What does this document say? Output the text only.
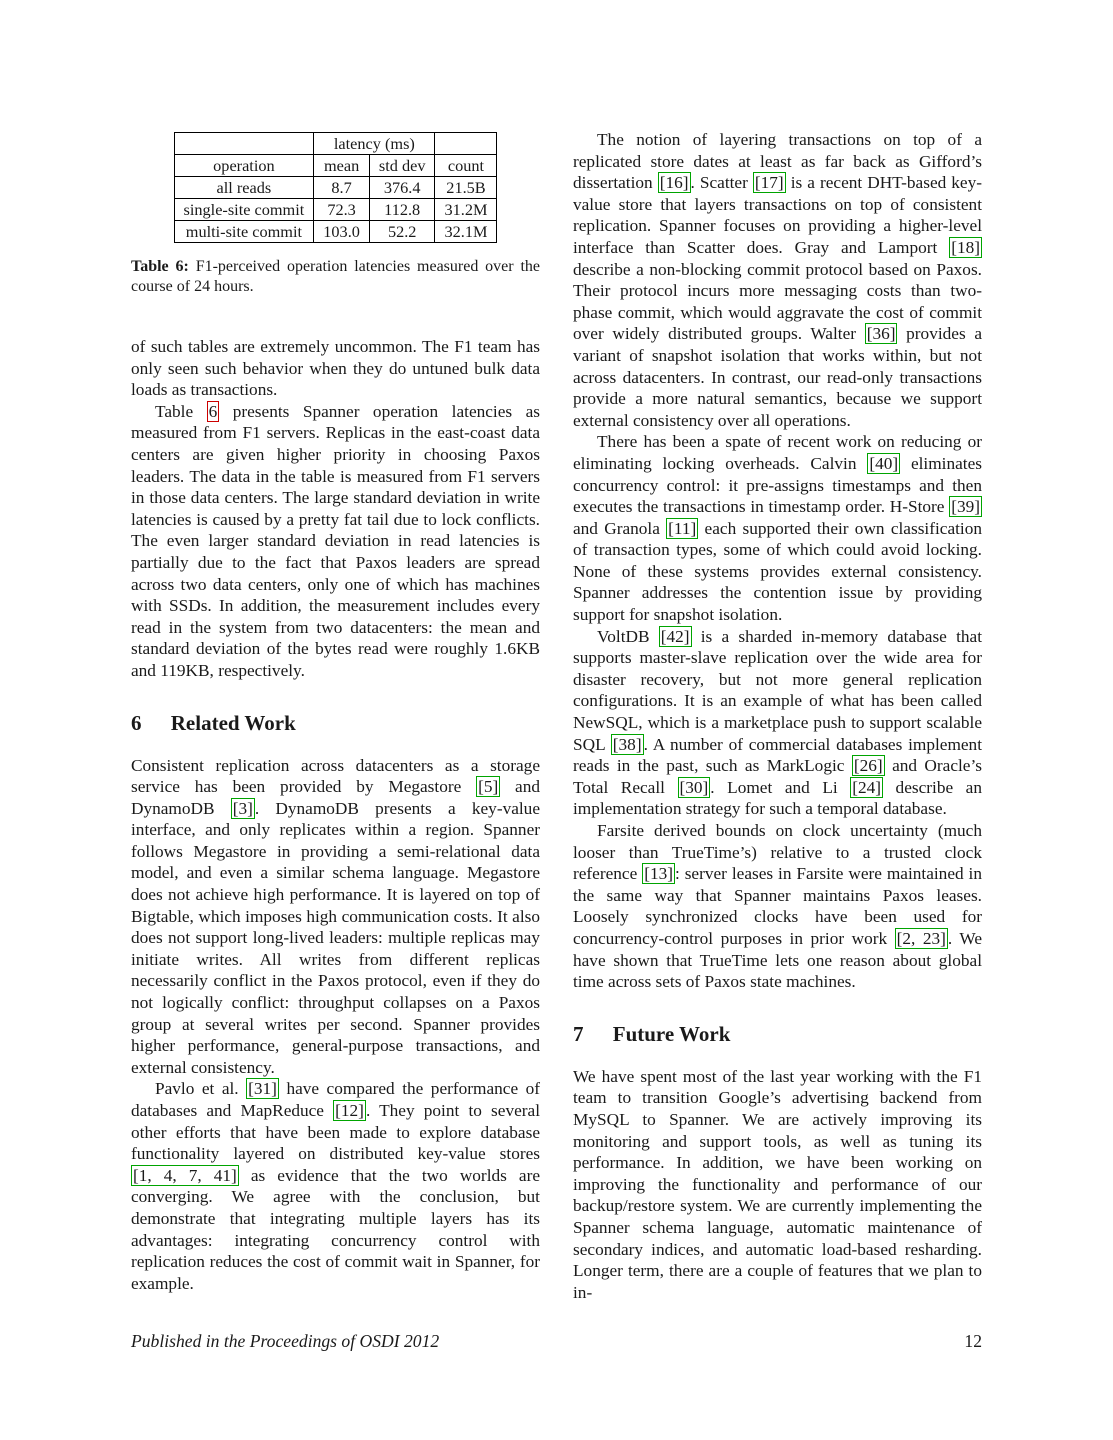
	latency (ms)		
operation	mean	std dev	count
all reads	8.7	376.4	21.5B
single-site commit	72.3	112.8	31.2M
multi-site commit	103.0	52.2	32.1M
Table 6: F1-perceived operation latencies measured over the course of 24 hours.

of such tables are extremely uncommon. The F1 team has only seen such behavior when they do untuned bulk data loads as transactions.

Table 6 presents Spanner operation latencies as measured from F1 servers. Replicas in the east-coast data centers are given higher priority in choosing Paxos leaders. The data in the table is measured from F1 servers in those data centers. The large standard deviation in write latencies is caused by a pretty fat tail due to lock conflicts. The even larger standard deviation in read latencies is partially due to the fact that Paxos leaders are spread across two data centers, only one of which has machines with SSDs. In addition, the measurement includes every read in the system from two datacenters: the mean and standard deviation of the bytes read were roughly 1.6KB and 119KB, respectively.

6 Related Work

Consistent replication across datacenters as a storage service has been provided by Megastore [5] and DynamoDB [3] . DynamoDB presents a key-value interface, and only replicates within a region. Spanner follows Megastore in providing a semi-relational data model, and even a similar schema language. Megastore does not achieve high performance. It is layered on top of Bigtable, which imposes high communication costs. It also does not support long-lived leaders: multiple replicas may initiate writes. All writes from different replicas necessarily conflict in the Paxos protocol, even if they do not logically conflict: throughput collapses on a Paxos group at several writes per second. Spanner provides higher performance, general-purpose transactions, and external consistency.

Pavlo et al. [31] have compared the performance of databases and MapReduce [12] . They point to several other efforts that have been made to explore database functionality layered on distributed key-value stores [1, 4, 7, 41] as evidence that the two worlds are converging. We agree with the conclusion, but demonstrate that integrating multiple layers has its advantages: integrating concurrency control with replication reduces the cost of commit wait in Spanner, for example.

The notion of layering transactions on top of a replicated store dates at least as far back as Gifford’s dissertation [16] . Scatter [17] is a recent DHT-based key-value store that layers transactions on top of consistent replication. Spanner focuses on providing a higher-level interface than Scatter does. Gray and Lamport [18] describe a non-blocking commit protocol based on Paxos. Their protocol incurs more messaging costs than two-phase commit, which would aggravate the cost of commit over widely distributed groups. Walter [36] provides a variant of snapshot isolation that works within, but not across datacenters. In contrast, our read-only transactions provide a more natural semantics, because we support external consistency over all operations.

There has been a spate of recent work on reducing or eliminating locking overheads. Calvin [40] eliminates concurrency control: it pre-assigns timestamps and then executes the transactions in timestamp order. H-Store [39] and Granola [11] each supported their own classification of transaction types, some of which could avoid locking. None of these systems provides external consistency. Spanner addresses the contention issue by providing support for snapshot isolation.

VoltDB [42] is a sharded in-memory database that supports master-slave replication over the wide area for disaster recovery, but not more general replication configurations. It is an example of what has been called NewSQL, which is a marketplace push to support scalable SQL [38] . A number of commercial databases implement reads in the past, such as MarkLogic [26] and Oracle’s Total Recall [30] . Lomet and Li [24] describe an implementation strategy for such a temporal database.

Farsite derived bounds on clock uncertainty (much looser than TrueTime’s) relative to a trusted clock reference [13] : server leases in Farsite were maintained in the same way that Spanner maintains Paxos leases. Loosely synchronized clocks have been used for concurrency-control purposes in prior work [2, 23] . We have shown that TrueTime lets one reason about global time across sets of Paxos state machines.

7 Future Work

We have spent most of the last year working with the F1 team to transition Google’s advertising backend from MySQL to Spanner. We are actively improving its monitoring and support tools, as well as tuning its performance. In addition, we have been working on improving the functionality and performance of our backup/restore system. We are currently implementing the Spanner schema language, automatic maintenance of secondary indices, and automatic load-based resharding. Longer term, there are a couple of features that we plan to in-

Published in the Proceedings of OSDI 2012	12
